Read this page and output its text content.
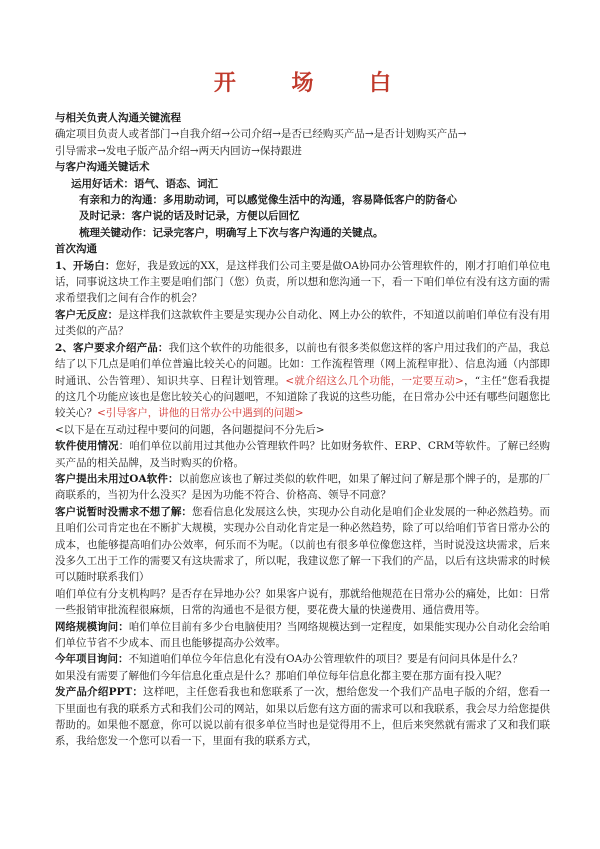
开 场 白
与相关负责人沟通关键流程
确定项目负责人或者部门→自我介绍→公司介绍→是否已经购买产品→是否计划购买产品→
引导需求→发电子版产品介绍→两天内回访→保持跟进
与客户沟通关键话术
运用好话术：语气、语态、词汇
有亲和力的沟通：多用助动词，可以感觉像生活中的沟通，容易降低客户的防备心
及时记录：客户说的话及时记录，方便以后回忆
梳理关键动作：记录完客户，明确写上下次与客户沟通的关键点。
首次沟通
1、开场白：您好，我是致远的XX，是这样我们公司主要是做OA协同办公管理软件的，刚才打咱们单位电话，同事说这块工作主要是咱们部门（您）负责，所以想和您沟通一下，看一下咱们单位有没有这方面的需求希望我们之间有合作的机会？
客户无反应：是这样我们这款软件主要是实现办公自动化、网上办公的软件，不知道以前咱们单位有没有用过类似的产品？
2、客户要求介绍产品：我们这个软件的功能很多，以前也有很多类似您这样的客户用过我们的产品，我总结了以下几点是咱们单位普遍比较关心的问题。比如：工作流程管理（网上流程审批）、信息沟通（内部即时通讯、公告管理）、知识共享、日程计划管理。<就介绍这么几个功能，一定要互动>，“主任”您看我提的这几个功能应该也是您比较关心的问题吧，不知道除了我说的这些功能，在日常办公中还有哪些问题您比较关心？<引导客户，讲他的日常办公中遇到的问题>
<以下是在互动过程中要问的问题，各问题提问不分先后>
软件使用情况：咱们单位以前用过其他办公管理软件吗？比如财务软件、ERP、CRM等软件。了解已经购买产品的相关品牌，及当时购买的价格。
客户提出未用过OA软件：以前您应该也了解过类似的软件吧，如果了解过问了解是那个牌子的，是那的厂商联系的，当初为什么没买？是因为功能不符合、价格高、领导不同意？
客户说暂时没需求不想了解：您看信息化发展这么快，实现办公自动化是咱们企业发展的一种必然趋势。而且咱们公司肯定也在不断扩大规模，实现办公自动化肯定是一种必然趋势，除了可以给咱们节省日常办公的成本，也能够提高咱们办公效率，何乐而不为呢。（以前也有很多单位像您这样，当时说没这块需求，后来没多久工出于工作的需要又有这块需求了，所以呢，我建议您了解一下我们的产品，以后有这块需求的时候可以随时联系我们）
咱们单位有分支机构吗？是否存在异地办公？如果客户说有，那就给他规范在日常办公的痛处，比如：日常一些报销审批流程很麻烦，日常的沟通也不是很方便，要花费大量的快递费用、通信费用等。
网络规模询问：咱们单位目前有多少台电脑使用？当网络规模达到一定程度，如果能实现办公自动化会给咱们单位节省不少成本、而且也能够提高办公效率。
今年项目询问：不知道咱们单位今年信息化有没有OA办公管理软件的项目？要是有问问具体是什么？
如果没有需要了解他们今年信息化重点是什么？那咱们单位每年信息化都主要在那方面有投入呢？
发产品介绍PPT：这样吧，主任您看我也和您联系了一次，想给您发一个我们产品电子版的介绍，您看一下里面也有我的联系方式和我们公司的网站，如果以后您有这方面的需求可以和我联系，我会尽力给您提供帮助的。如果他不愿意，你可以说以前有很多单位当时也是觉得用不上，但后来突然就有需求了又和我们联系，我给您发一个您可以看一下，里面有我的联系方式，
